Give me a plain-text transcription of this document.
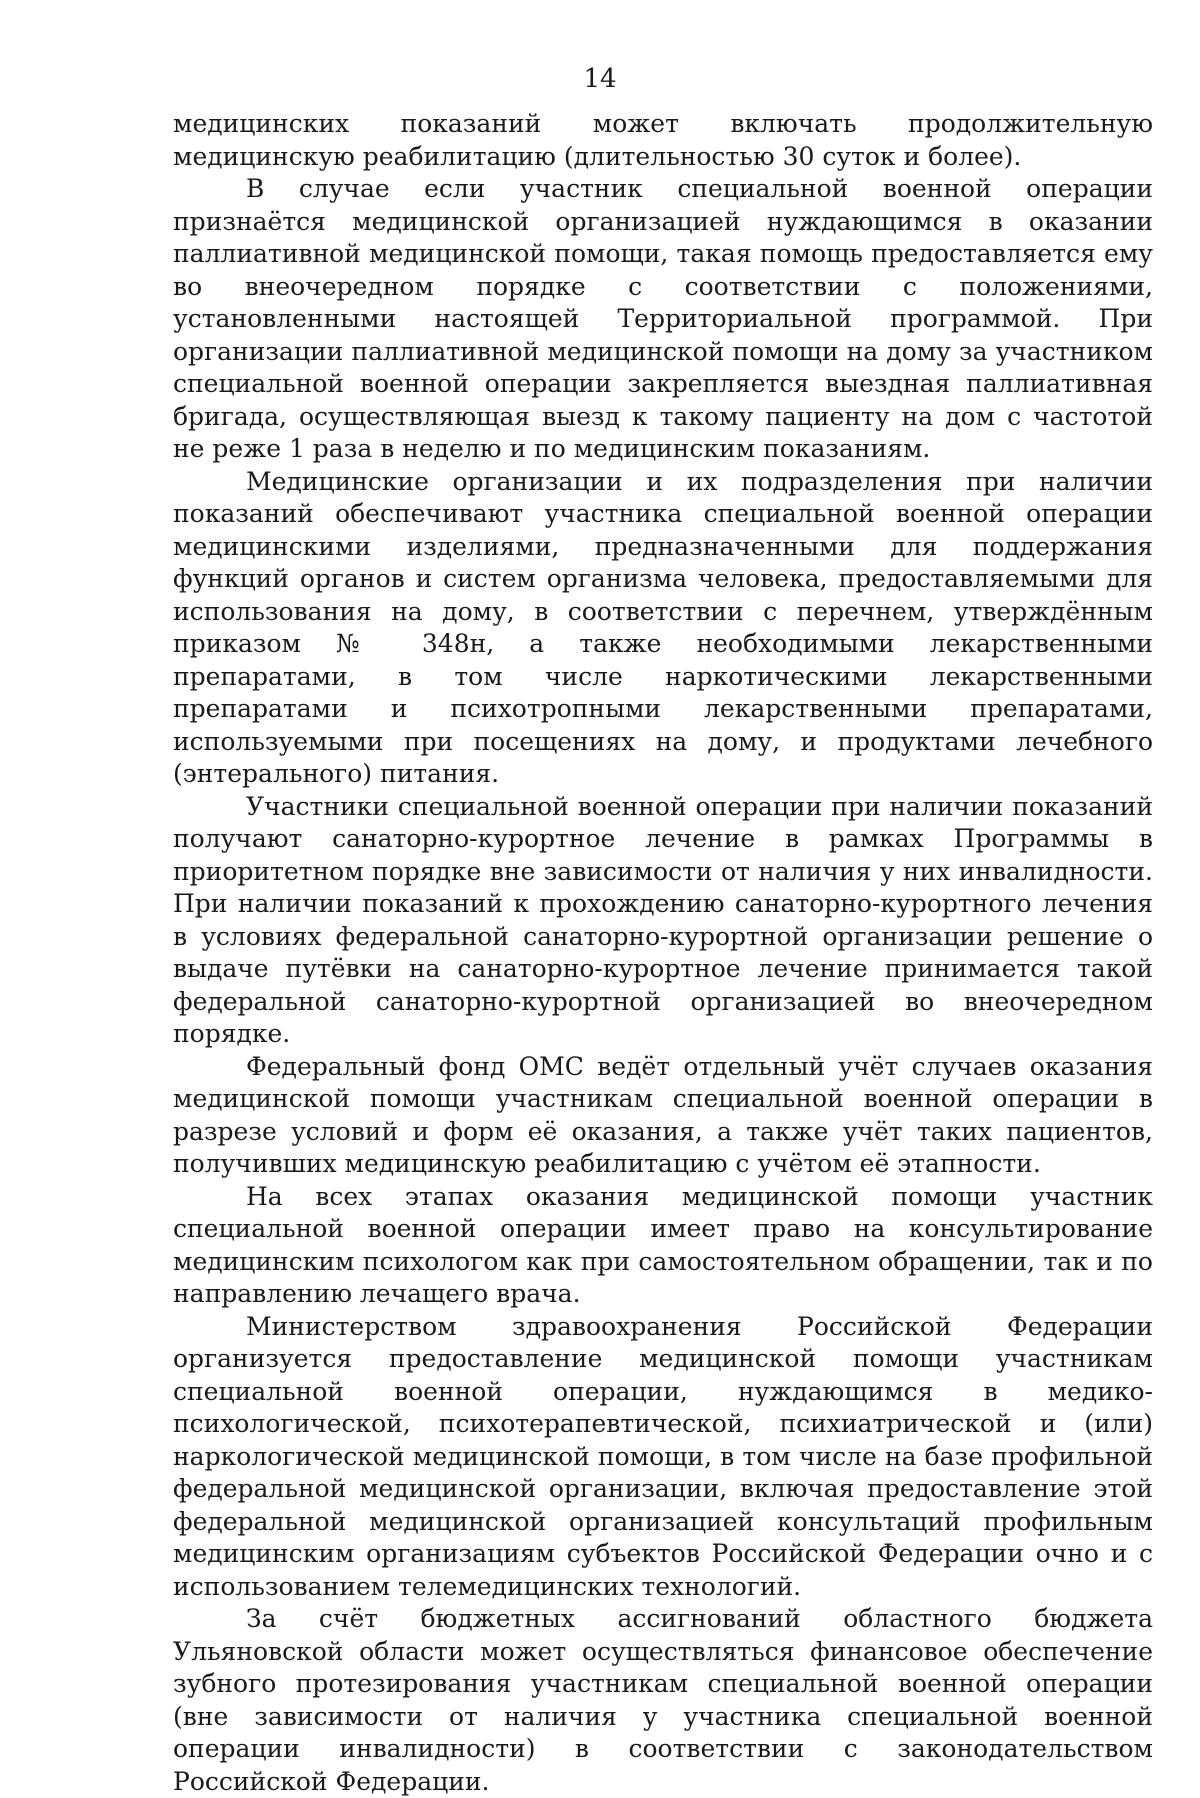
14

медицинских показаний может включать продолжительную медицинскую реабилитацию (длительностью 30 суток и более).

В случае если участник специальной военной операции признаётся медицинской организацией нуждающимся в оказании паллиативной медицинской помощи, такая помощь предоставляется ему во внеочередном порядке с соответствии с положениями, установленными настоящей Территориальной программой. При организации паллиативной медицинской помощи на дому за участником специальной военной операции закрепляется выездная паллиативная бригада, осуществляющая выезд к такому пациенту на дом с частотой не реже 1 раза в неделю и по медицинским показаниям.

Медицинские организации и их подразделения при наличии показаний обеспечивают участника специальной военной операции медицинскими изделиями, предназначенными для поддержания функций органов и систем организма человека, предоставляемыми для использования на дому, в соответствии с перечнем, утверждённым приказом № 348н, а также необходимыми лекарственными препаратами, в том числе наркотическими лекарственными препаратами и психотропными лекарственными препаратами, используемыми при посещениях на дому, и продуктами лечебного (энтерального) питания.

Участники специальной военной операции при наличии показаний получают санаторно-курортное лечение в рамках Программы в приоритетном порядке вне зависимости от наличия у них инвалидности. При наличии показаний к прохождению санаторно-курортного лечения в условиях федеральной санаторно-курортной организации решение о выдаче путёвки на санаторно-курортное лечение принимается такой федеральной санаторно-курортной организацией во внеочередном порядке.

Федеральный фонд ОМС ведёт отдельный учёт случаев оказания медицинской помощи участникам специальной военной операции в разрезе условий и форм её оказания, а также учёт таких пациентов, получивших медицинскую реабилитацию с учётом её этапности.

На всех этапах оказания медицинской помощи участник специальной военной операции имеет право на консультирование медицинским психологом как при самостоятельном обращении, так и по направлению лечащего врача.

Министерством здравоохранения Российской Федерации организуется предоставление медицинской помощи участникам специальной военной операции, нуждающимся в медико-психологической, психотерапевтической, психиатрической и (или) наркологической медицинской помощи, в том числе на базе профильной федеральной медицинской организации, включая предоставление этой федеральной медицинской организацией консультаций профильным медицинским организациям субъектов Российской Федерации очно и с использованием телемедицинских технологий.

За счёт бюджетных ассигнований областного бюджета Ульяновской области может осуществляться финансовое обеспечение зубного протезирования участникам специальной военной операции (вне зависимости от наличия у участника специальной военной операции инвалидности) в соответствии с законодательством Российской Федерации.
